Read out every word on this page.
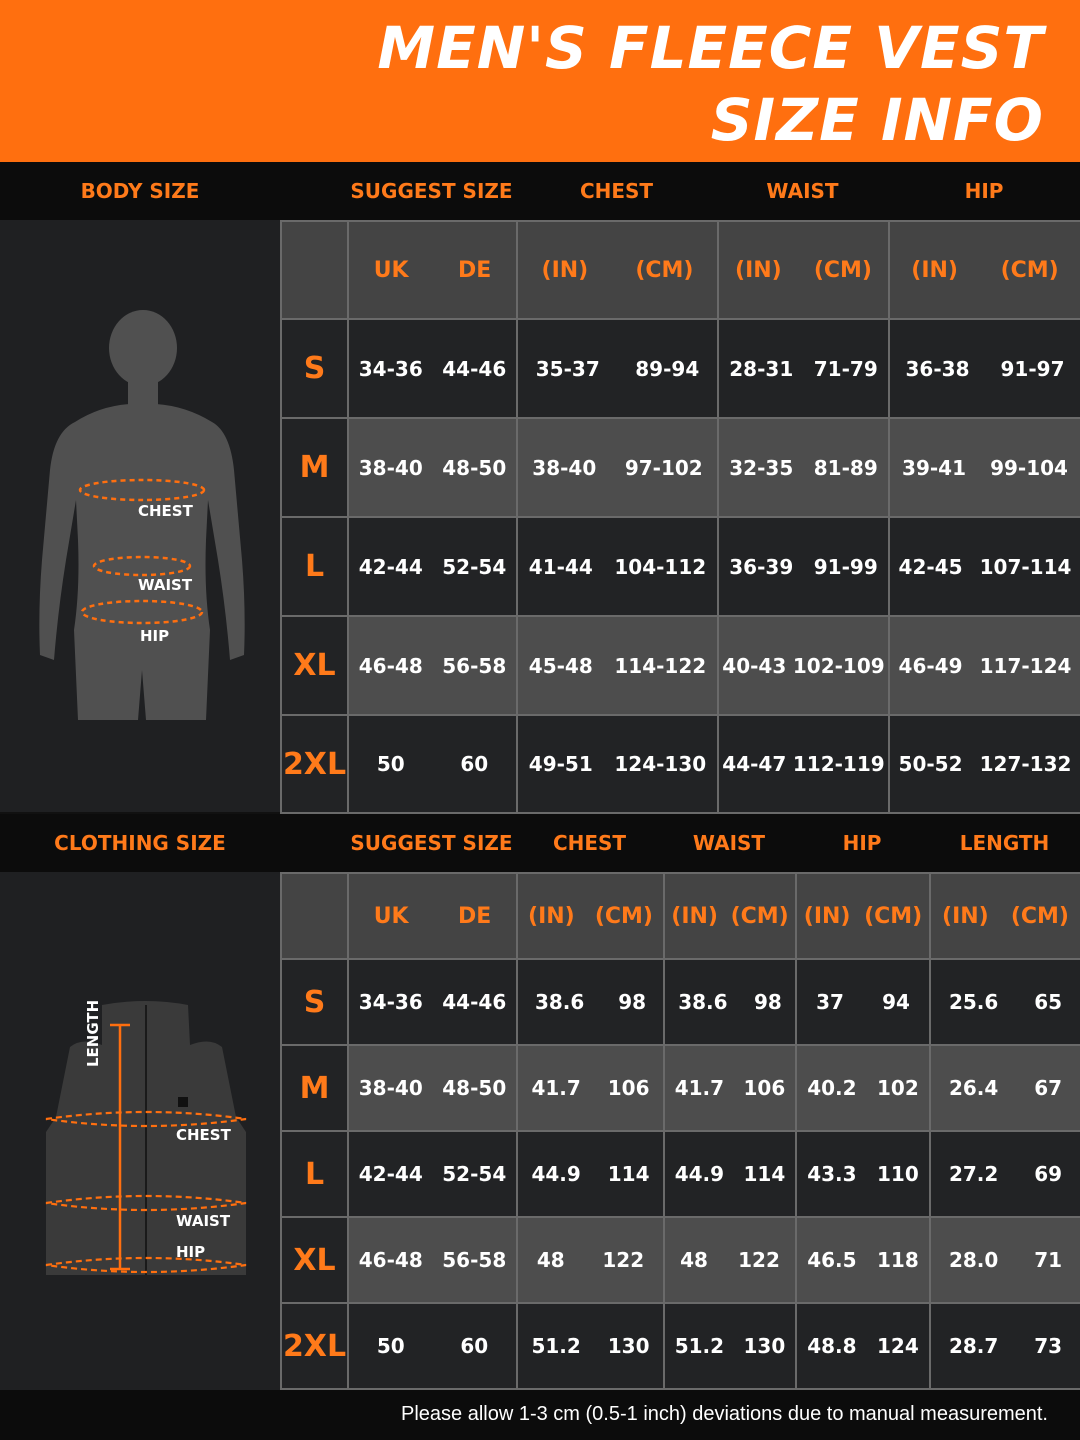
MEN'S FLEECE VEST
SIZE INFO
BODY SIZE	SUGGEST SIZE	CHEST	WAIST	HIP
CHEST
WAIST
HIP

	UK DE	(IN) (CM)	(IN) (CM)	(IN) (CM)

S	34-36 44-46	35-37 89-94	28-31 71-79	36-38 91-97

M	38-40 48-50	38-40 97-102	32-35 81-89	39-41 99-104

L	42-44 52-54	41-44 104-112	36-39 91-99	42-45 107-114

XL	46-48 56-58	45-48 114-122	40-43 102-109	46-49 117-124

2XL	50 60	49-51 124-130	44-47 112-119	50-52 127-132
CLOTHING SIZE	SUGGEST SIZE	CHEST	WAIST	HIP	LENGTH
LENGTH
CHEST
WAIST
HIP

	UK DE	(IN) (CM)	(IN) (CM)	(IN) (CM)	(IN) (CM)

S	34-36 44-46	38.6 98	38.6 98	37 94	25.6 65

M	38-40 48-50	41.7 106	41.7 106	40.2 102	26.4 67

L	42-44 52-54	44.9 114	44.9 114	43.3 110	27.2 69

XL	46-48 56-58	48 122	48 122	46.5 118	28.0 71

2XL	50 60	51.2 130	51.2 130	48.8 124	28.7 73
Please allow 1-3 cm (0.5-1 inch) deviations due to manual measurement.
